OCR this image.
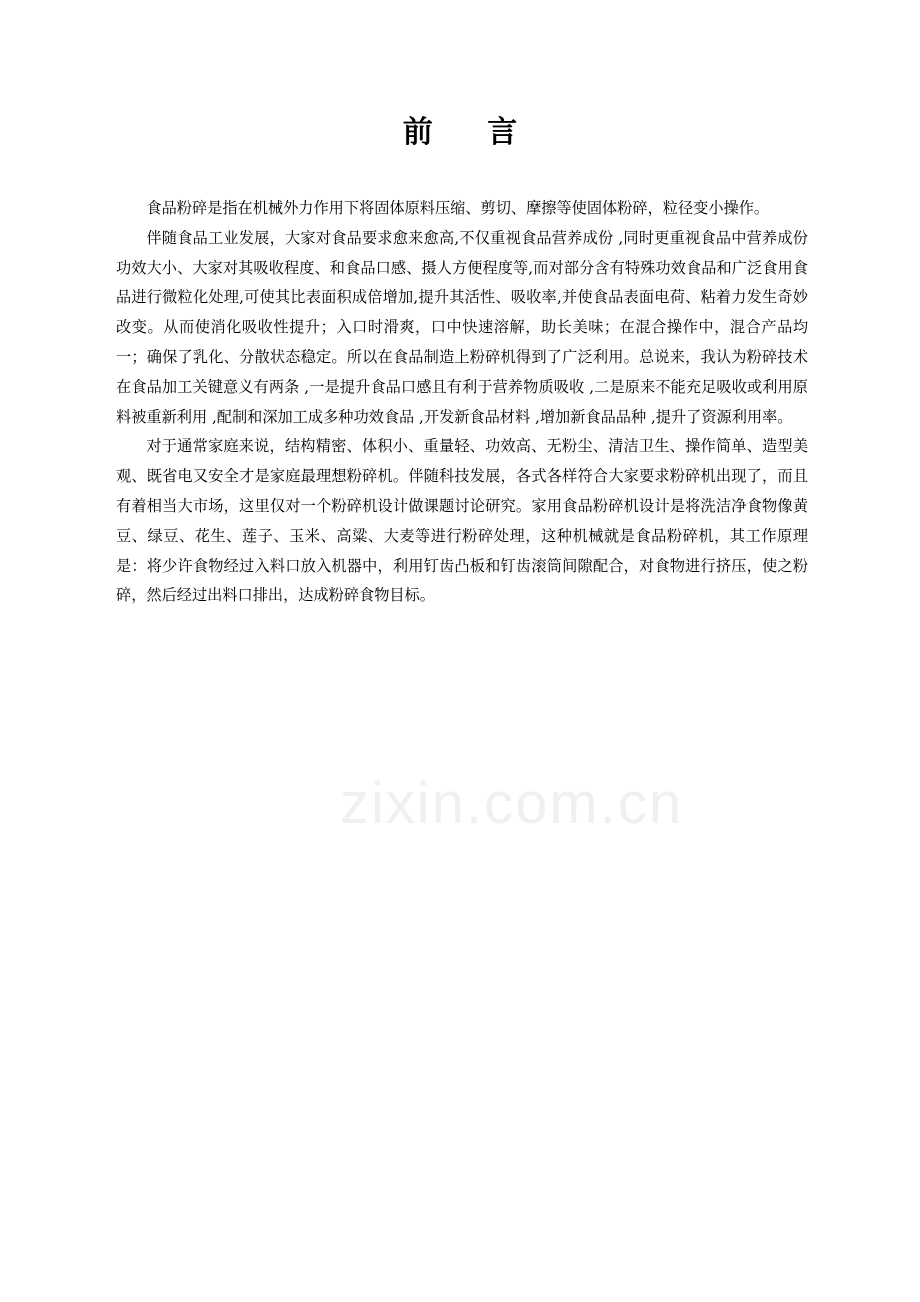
前 言

食品粉碎是指在机械外力作用下将固体原料压缩、剪切、摩擦等使固体粉碎，粒径变小操作。

伴随食品工业发展，大家对食品要求愈来愈高,不仅重视食品营养成份 ,同时更重视食品中营养成份功效大小、大家对其吸收程度、和食品口感、摄人方便程度等,而对部分含有特殊功效食品和广泛食用食品进行微粒化处理,可使其比表面积成倍增加,提升其活性、吸收率,并使食品表面电荷、粘着力发生奇妙改变。从而使消化吸收性提升；入口时滑爽，口中快速溶解，助长美味；在混合操作中，混合产品均一；确保了乳化、分散状态稳定。所以在食品制造上粉碎机得到了广泛利用。总说来，我认为粉碎技术在食品加工关键意义有两条 ,一是提升食品口感且有利于营养物质吸收 ,二是原来不能充足吸收或利用原料被重新利用 ,配制和深加工成多种功效食品 ,开发新食品材料 ,增加新食品品种 ,提升了资源利用率。

对于通常家庭来说，结构精密、体积小、重量轻、功效高、无粉尘、清洁卫生、操作简单、造型美观、既省电又安全才是家庭最理想粉碎机。伴随科技发展，各式各样符合大家要求粉碎机出现了，而且有着相当大市场，这里仅对一个粉碎机设计做课题讨论研究。家用食品粉碎机设计是将洗洁净食物像黄豆、绿豆、花生、莲子、玉米、高粱、大麦等进行粉碎处理，这种机械就是食品粉碎机，其工作原理是：将少许食物经过入料口放入机器中，利用钉齿凸板和钉齿滚筒间隙配合，对食物进行挤压，使之粉碎，然后经过出料口排出，达成粉碎食物目标。

zixin.com.cn
